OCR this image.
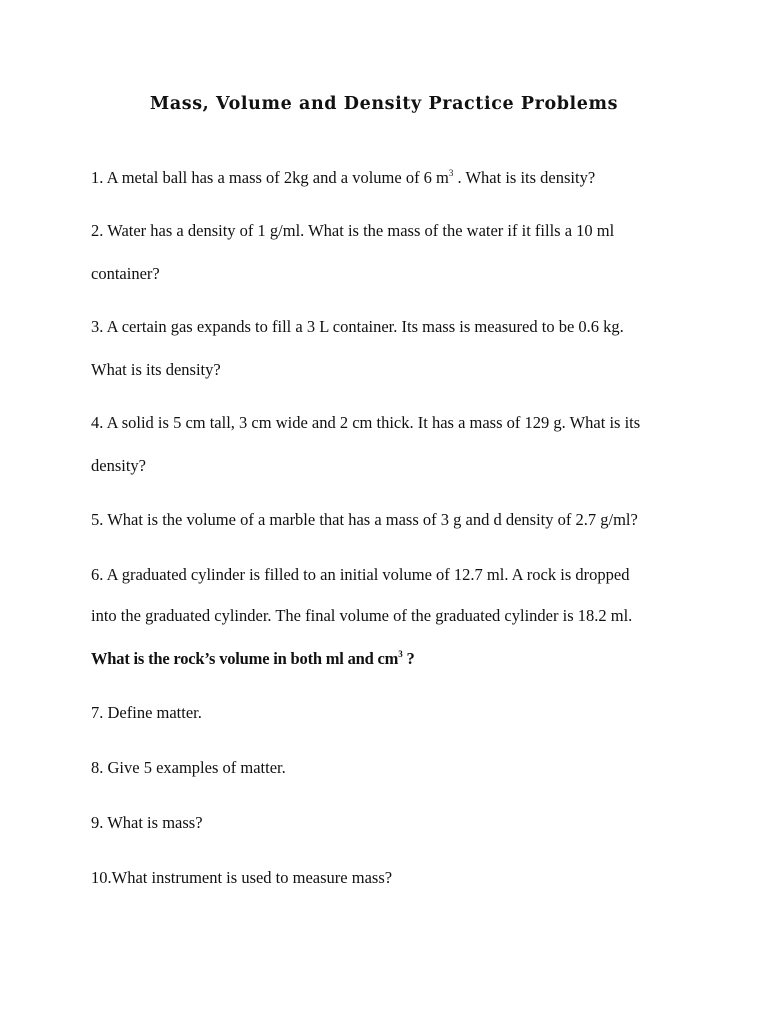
Mass, Volume and Density Practice Problems
1. A metal ball has a mass of 2kg and a volume of 6 $m^3$ . What is its density?
2. Water has a density of 1 g/ml. What is the mass of the water if it fills a 10 ml
container?
3. A certain gas expands to fill a 3 L container. Its mass is measured to be 0.6 kg.
What is its density?
4. A solid is 5 cm tall, 3 cm wide and 2 cm thick. It has a mass of 129 g. What is its
density?
5. What is the volume of a marble that has a mass of 3 g and d density of 2.7 g/ml?
6. A graduated cylinder is filled to an initial volume of 12.7 ml. A rock is dropped
into the graduated cylinder. The final volume of the graduated cylinder is 18.2 ml.
What is the rock’s volume in both ml and $cm^3$ ?
7. Define matter.
8. Give 5 examples of matter.
9. What is mass?
10.What instrument is used to measure mass?
